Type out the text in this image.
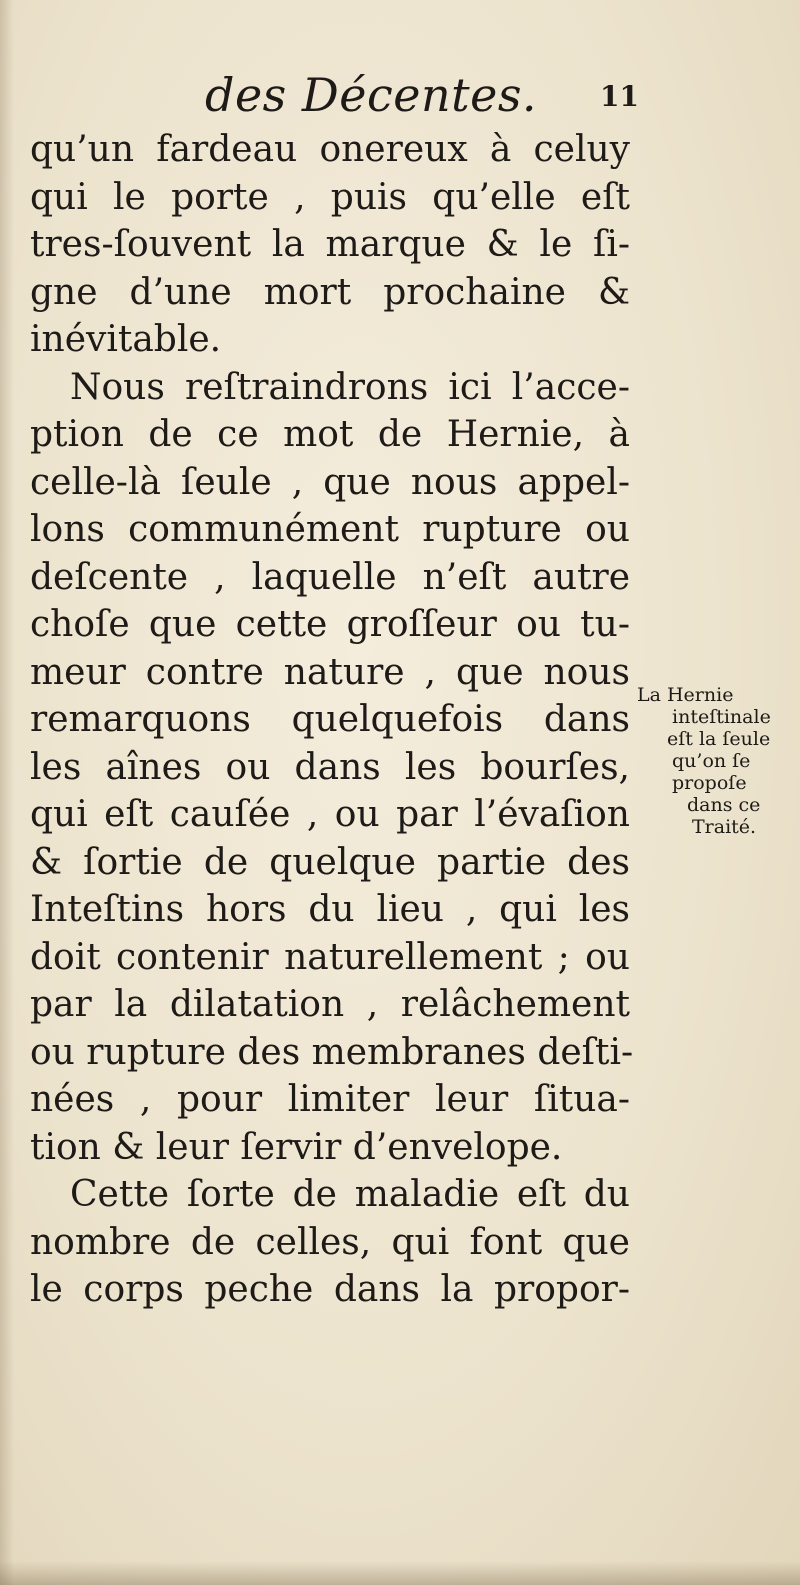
des Décentes. 11
qu’un fardeau onereux à celuy
qui le porte , puis qu’elle eſt
tres-ſouvent la marque & le ſi-
gne d’une mort prochaine &
inévitable.
Nous reſtraindrons ici l’acce-
ption de ce mot de Hernie, à
celle-là ſeule , que nous appel-
lons communément rupture ou
deſcente , laquelle n’eſt autre
choſe que cette groſſeur ou tu-
meur contre nature , que nous
remarquons quelquefois dans
les aînes ou dans les bourſes,
qui eſt cauſée , ou par l’évaſion
& ſortie de quelque partie des
Inteſtins hors du lieu , qui les
doit contenir naturellement ; ou
par la dilatation , relâchement
ou rupture des membranes deſti-
nées , pour limiter leur ſitua-
tion & leur ſervir d’envelope.
Cette ſorte de maladie eſt du
nombre de celles, qui font que
le corps peche dans la propor-
La Hernie
inteſtinale
eſt la ſeule
qu’on ſe
propoſe
dans ce
Traité.
